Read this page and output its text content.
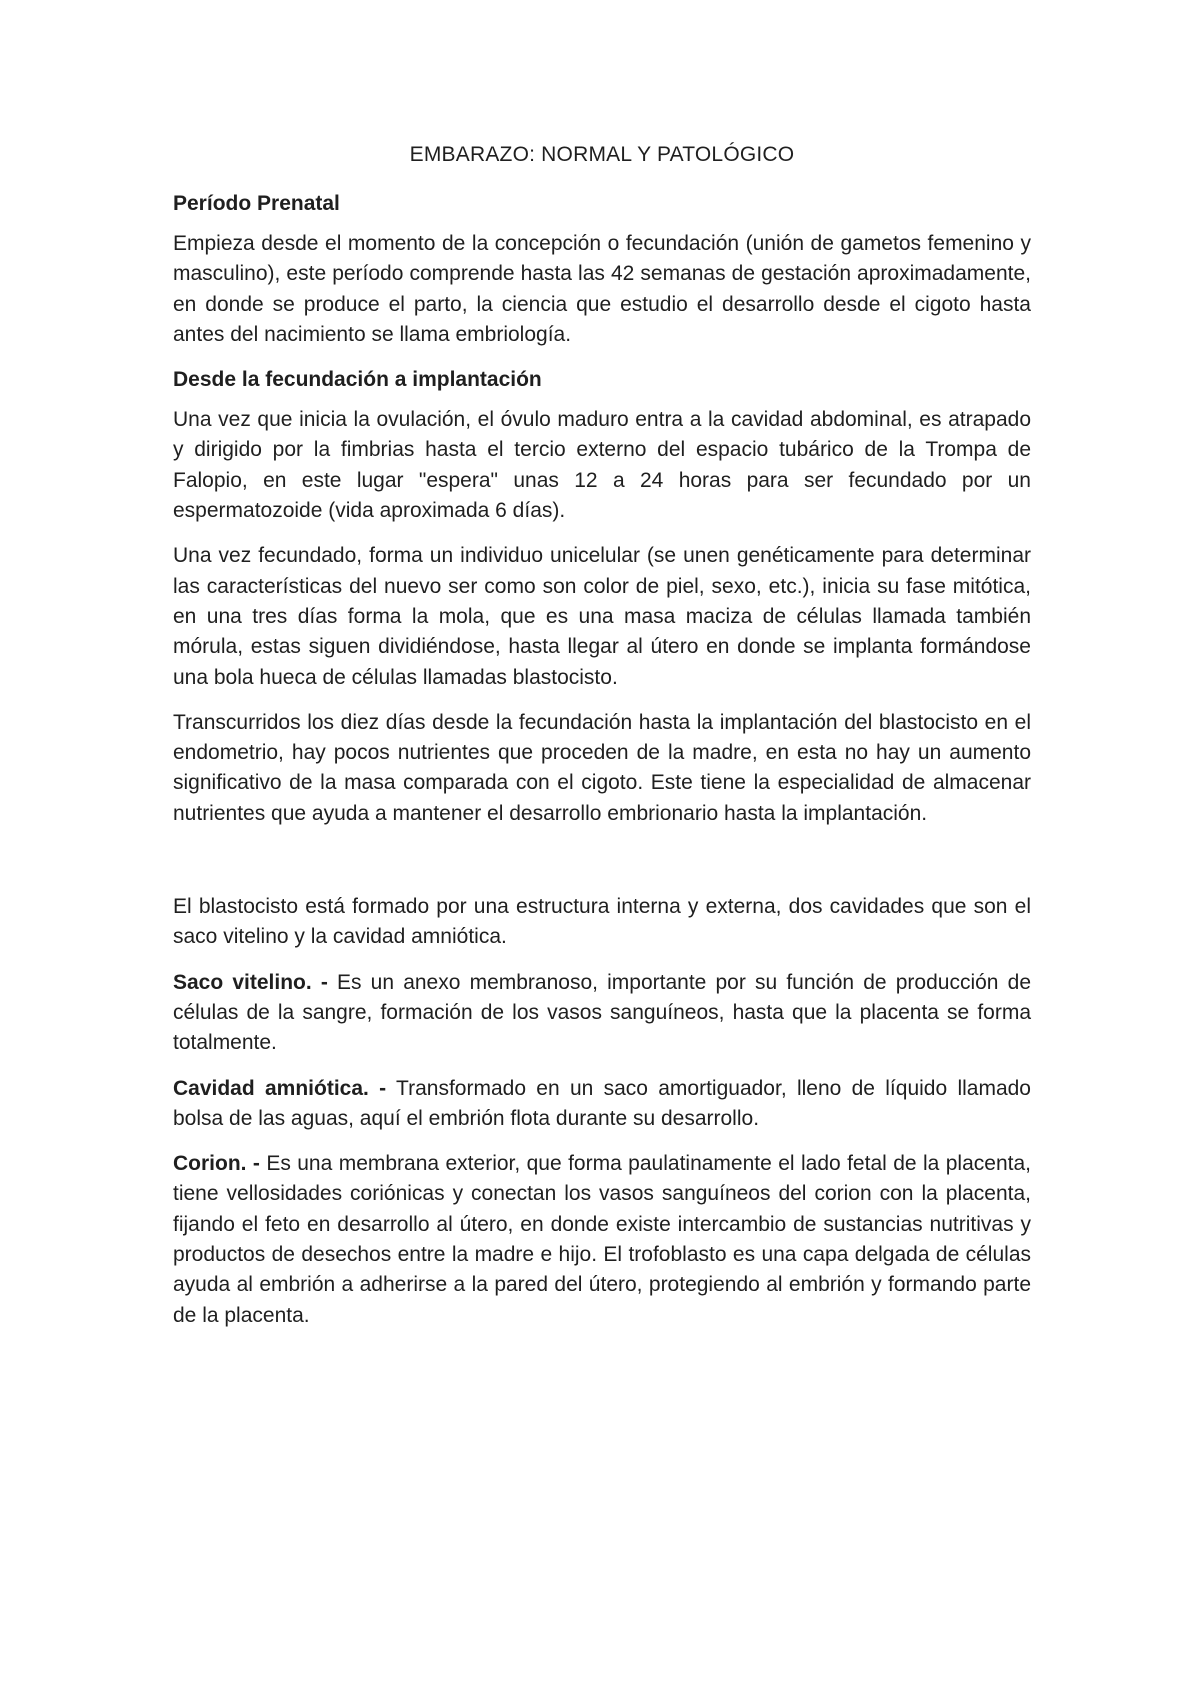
EMBARAZO: NORMAL Y PATOLÓGICO
Período Prenatal

Empieza desde el momento de la concepción o fecundación (unión de gametos femenino y masculino), este período comprende hasta las 42 semanas de gestación aproximadamente, en donde se produce el parto, la ciencia que estudio el desarrollo desde el cigoto hasta antes del nacimiento se llama embriología.

Desde la fecundación a implantación

Una vez que inicia la ovulación, el óvulo maduro entra a la cavidad abdominal, es atrapado y dirigido por la fimbrias hasta el tercio externo del espacio tubárico de la Trompa de Falopio, en este lugar "espera" unas 12 a 24 horas para ser fecundado por un espermatozoide (vida aproximada 6 días).

Una vez fecundado, forma un individuo unicelular (se unen genéticamente para determinar las características del nuevo ser como son color de piel, sexo, etc.), inicia su fase mitótica, en una tres días forma la mola, que es una masa maciza de células llamada también mórula, estas siguen dividiéndose, hasta llegar al útero en donde se implanta formándose una bola hueca de células llamadas blastocisto.

Transcurridos los diez días desde la fecundación hasta la implantación del blastocisto en el endometrio, hay pocos nutrientes que proceden de la madre, en esta no hay un aumento significativo de la masa comparada con el cigoto. Este tiene la especialidad de almacenar nutrientes que ayuda a mantener el desarrollo embrionario hasta la implantación.

El blastocisto está formado por una estructura interna y externa, dos cavidades que son el saco vitelino y la cavidad amniótica.

Saco vitelino. - Es un anexo membranoso, importante por su función de producción de células de la sangre, formación de los vasos sanguíneos, hasta que la placenta se forma totalmente.

Cavidad amniótica. - Transformado en un saco amortiguador, lleno de líquido llamado bolsa de las aguas, aquí el embrión flota durante su desarrollo.

Corion. - Es una membrana exterior, que forma paulatinamente el lado fetal de la placenta, tiene vellosidades coriónicas y conectan los vasos sanguíneos del corion con la placenta, fijando el feto en desarrollo al útero, en donde existe intercambio de sustancias nutritivas y productos de desechos entre la madre e hijo. El trofoblasto es una capa delgada de células ayuda al embrión a adherirse a la pared del útero, protegiendo al embrión y formando parte de la placenta.
